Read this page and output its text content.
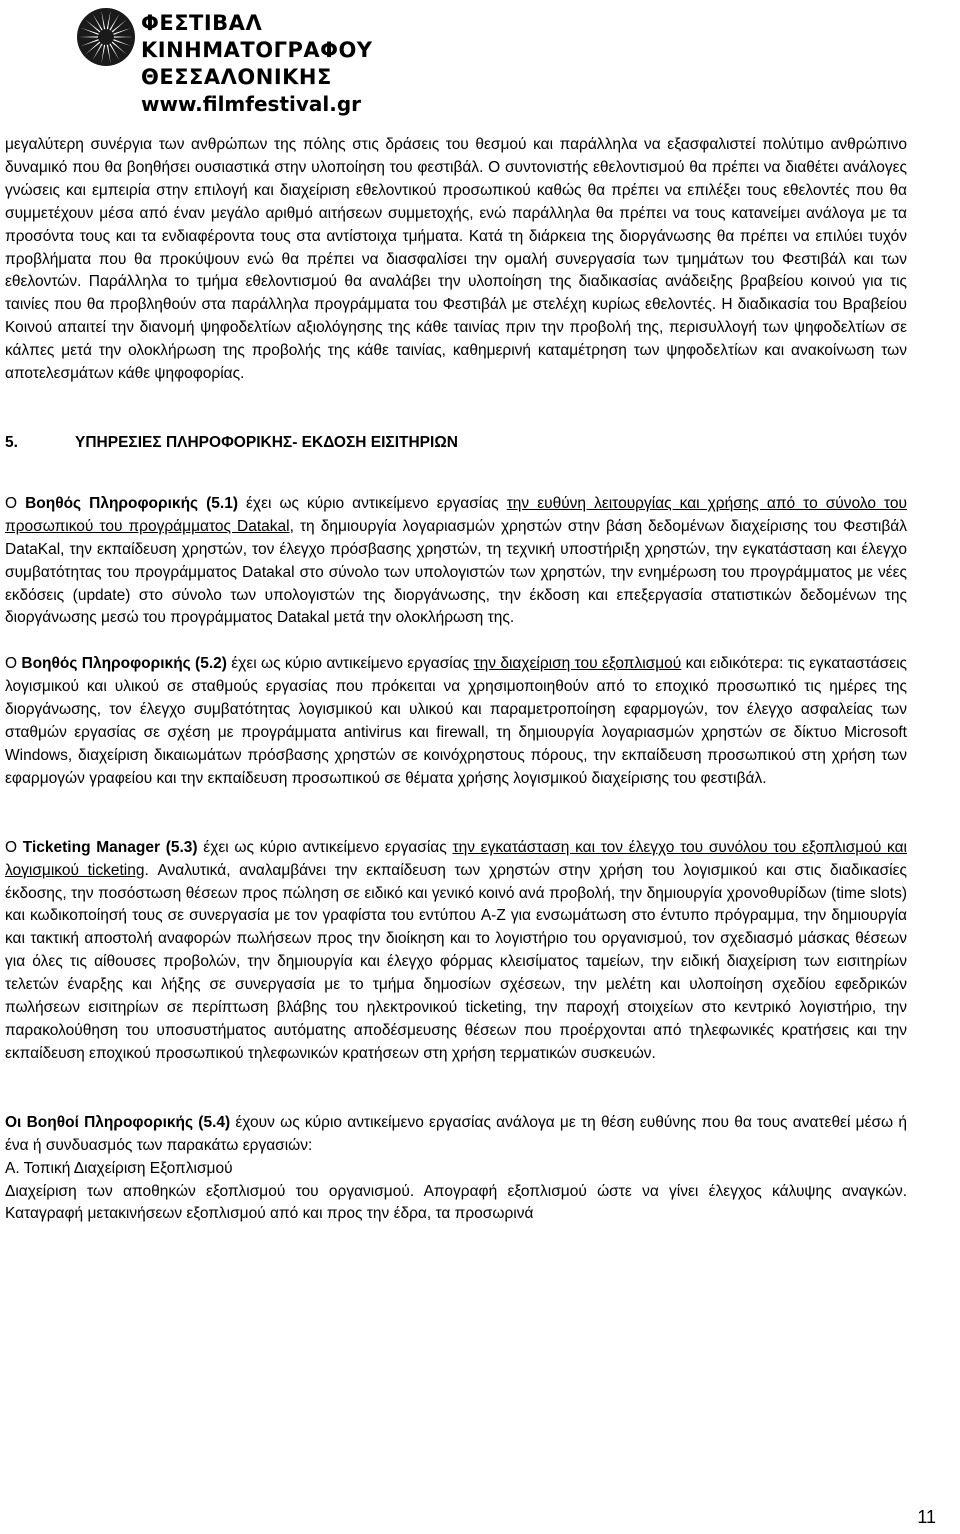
ΦΕΣΤΙΒΑΛ
ΚΙΝΗΜΑΤΟΓΡΑΦΟΥ
ΘΕΣΣΑΛΟΝΙΚΗΣ
www.filmfestival.gr

μεγαλύτερη συνέργια των ανθρώπων της πόλης στις δράσεις του θεσμού και παράλληλα να εξασφαλιστεί πολύτιμο ανθρώπινο δυναμικό που θα βοηθήσει ουσιαστικά στην υλοποίηση του φεστιβάλ. Ο συντονιστής εθελοντισμού θα πρέπει να διαθέτει ανάλογες γνώσεις και εμπειρία στην επιλογή και διαχείριση εθελοντικού προσωπικού καθώς θα πρέπει να επιλέξει τους εθελοντές που θα συμμετέχουν μέσα από έναν μεγάλο αριθμό αιτήσεων συμμετοχής, ενώ παράλληλα θα πρέπει να τους κατανείμει ανάλογα με τα προσόντα τους και τα ενδιαφέροντα τους στα αντίστοιχα τμήματα. Κατά τη διάρκεια της διοργάνωσης θα πρέπει να επιλύει τυχόν προβλήματα που θα προκύψουν ενώ θα πρέπει να διασφαλίσει την ομαλή συνεργασία των τμημάτων του Φεστιβάλ και των εθελοντών. Παράλληλα το τμήμα εθελοντισμού θα αναλάβει την υλοποίηση της διαδικασίας ανάδειξης βραβείου κοινού για τις ταινίες που θα προβληθούν στα παράλληλα προγράμματα του Φεστιβάλ με στελέχη κυρίως εθελοντές. Η διαδικασία του Βραβείου Κοινού απαιτεί την διανομή ψηφοδελτίων αξιολόγησης της κάθε ταινίας πριν την προβολή της, περισυλλογή των ψηφοδελτίων σε κάλπες μετά την ολοκλήρωση της προβολής της κάθε ταινίας, καθημερινή καταμέτρηση των ψηφοδελτίων και ανακοίνωση των αποτελεσμάτων κάθε ψηφοφορίας.

5.	ΥΠΗΡΕΣΙΕΣ ΠΛΗΡΟΦΟΡΙΚΗΣ- ΕΚΔΟΣΗ ΕΙΣΙΤΗΡΙΩΝ

Ο Βοηθός Πληροφορικής (5.1) έχει ως κύριο αντικείμενο εργασίας την ευθύνη λειτουργίας και χρήσης από το σύνολο του προσωπικού του προγράμματος Datakal, τη δημιουργία λογαριασμών χρηστών στην βάση δεδομένων διαχείρισης του Φεστιβάλ DataKal, την εκπαίδευση χρηστών, τον έλεγχο πρόσβασης χρηστών, τη τεχνική υποστήριξη χρηστών, την εγκατάσταση και έλεγχο συμβατότητας του προγράμματος Datakal στο σύνολο των υπολογιστών των χρηστών, την ενημέρωση του προγράμματος με νέες εκδόσεις (update) στο σύνολο των υπολογιστών της διοργάνωσης, την έκδοση και επεξεργασία στατιστικών δεδομένων της διοργάνωσης μεσώ του προγράμματος Datakal μετά την ολοκλήρωση της.

Ο Βοηθός Πληροφορικής (5.2) έχει ως κύριο αντικείμενο εργασίας την διαχείριση του εξοπλισμού και ειδικότερα: τις εγκαταστάσεις λογισμικού και υλικού σε σταθμούς εργασίας που πρόκειται να χρησιμοποιηθούν από το εποχικό προσωπικό τις ημέρες της διοργάνωσης, τον έλεγχο συμβατότητας λογισμικού και υλικού και παραμετροποίηση εφαρμογών, τον έλεγχο ασφαλείας των σταθμών εργασίας σε σχέση με προγράμματα antivirus και firewall, τη δημιουργία λογαριασμών χρηστών σε δίκτυο Microsoft Windows, διαχείριση δικαιωμάτων πρόσβασης χρηστών σε κοινόχρηστους πόρους, την εκπαίδευση προσωπικού στη χρήση των εφαρμογών γραφείου και την εκπαίδευση προσωπικού σε θέματα χρήσης λογισμικού διαχείρισης του φεστιβάλ.

Ο Ticketing Manager (5.3) έχει ως κύριο αντικείμενο εργασίας την εγκατάσταση και τον έλεγχο του συνόλου του εξοπλισμού και λογισμικού ticketing. Αναλυτικά, αναλαμβάνει την εκπαίδευση των χρηστών στην χρήση του λογισμικού και στις διαδικασίες έκδοσης, την ποσόστωση θέσεων προς πώληση σε ειδικό και γενικό κοινό ανά προβολή, την δημιουργία χρονοθυρίδων (time slots) και κωδικοποίησή τους σε συνεργασία με τον γραφίστα του εντύπου A-Z για ενσωμάτωση στο έντυπο πρόγραμμα, την δημιουργία και τακτική αποστολή αναφορών πωλήσεων προς την διοίκηση και το λογιστήριο του οργανισμού, τον σχεδιασμό μάσκας θέσεων για όλες τις αίθουσες προβολών, την δημιουργία και έλεγχο φόρμας κλεισίματος ταμείων, την ειδική διαχείριση των εισιτηρίων τελετών έναρξης και λήξης σε συνεργασία με το τμήμα δημοσίων σχέσεων, την μελέτη και υλοποίηση σχεδίου εφεδρικών πωλήσεων εισιτηρίων σε περίπτωση βλάβης του ηλεκτρονικού ticketing, την παροχή στοιχείων στο κεντρικό λογιστήριο, την παρακολούθηση του υποσυστήματος αυτόματης αποδέσμευσης θέσεων που προέρχονται από τηλεφωνικές κρατήσεις και την εκπαίδευση εποχικού προσωπικού τηλεφωνικών κρατήσεων στη χρήση τερματικών συσκευών.

Οι Βοηθοί Πληροφορικής (5.4) έχουν ως κύριο αντικείμενο εργασίας ανάλογα με τη θέση ευθύνης που θα τους ανατεθεί μέσω ή ένα ή συνδυασμός των παρακάτω εργασιών:

Α. Τοπική Διαχείριση Εξοπλισμού

Διαχείριση των αποθηκών εξοπλισμού του οργανισμού. Απογραφή εξοπλισμού ώστε να γίνει έλεγχος κάλυψης αναγκών. Καταγραφή μετακινήσεων εξοπλισμού από και προς την έδρα, τα προσωρινά

11
